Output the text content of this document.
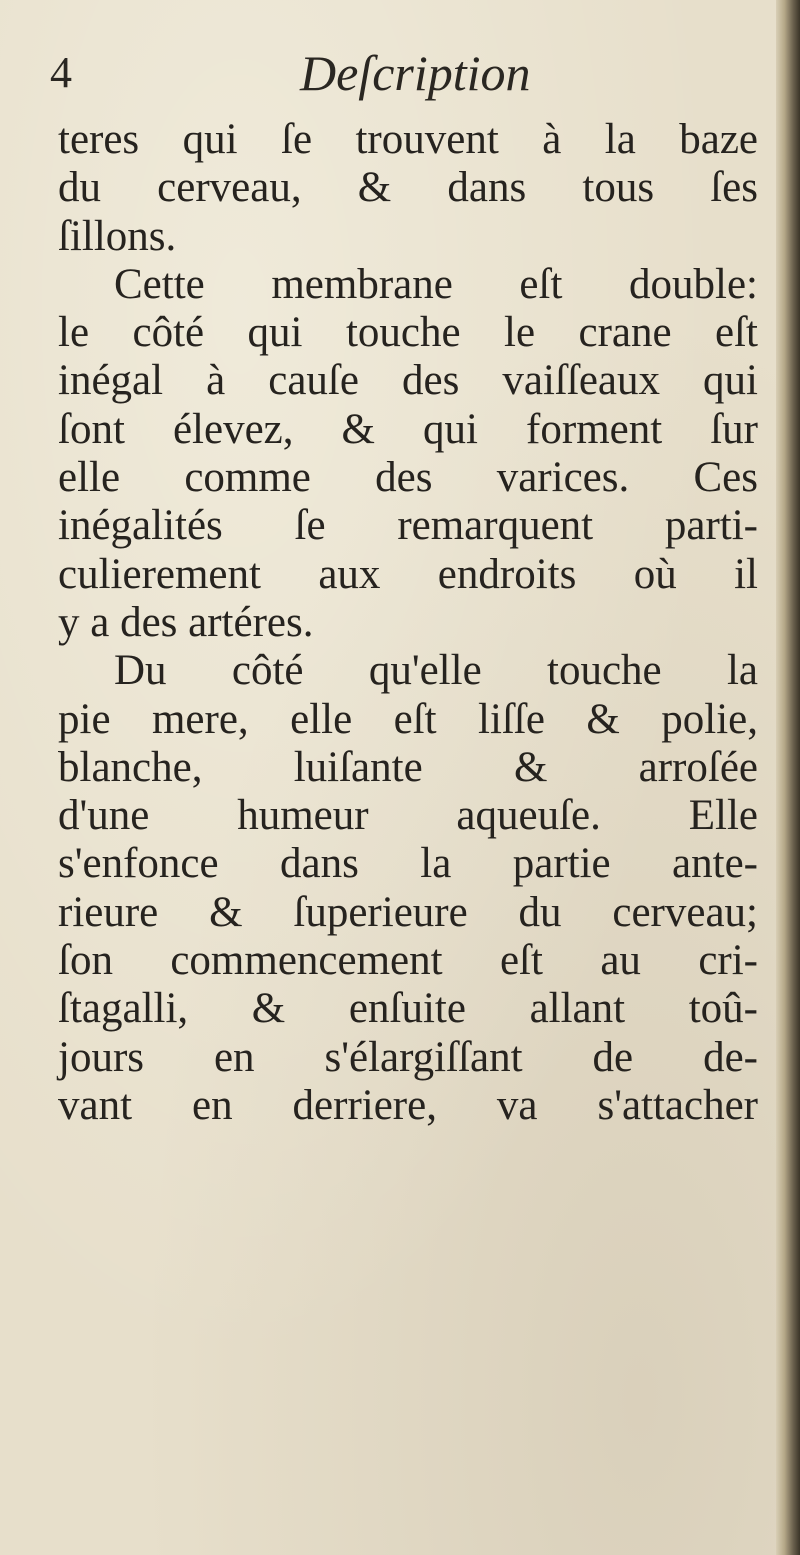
4	Deſcription
teres qui ſe trouvent à la baze
du cerveau, & dans tous ſes
ſillons.
Cette membrane eſt double:
le côté qui touche le crane eſt
inégal à cauſe des vaiſſeaux qui
ſont élevez, & qui forment ſur
elle comme des varices. Ces
inégalités ſe remarquent parti-
culierement aux endroits où il
y a des artéres.
Du côté qu'elle touche la
pie mere, elle eſt liſſe & polie,
blanche, luiſante & arroſée
d'une humeur aqueuſe. Elle
s'enfonce dans la partie ante-
rieure & ſuperieure du cerveau;
ſon commencement eſt au cri-
ſtagalli, & enſuite allant toû-
jours en s'élargiſſant de de-
vant en derriere, va s'attacher
